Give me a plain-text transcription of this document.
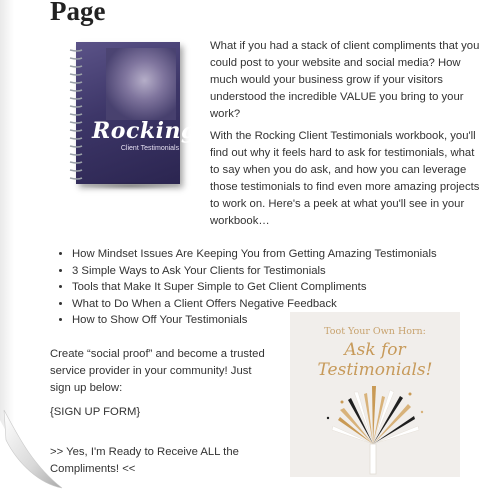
Page
Rocking
Client Testimonials

What if you had a stack of client compliments that you could post to your website and social media? How much would your business grow if your visitors understood the incredible VALUE you bring to your work?

With the Rocking Client Testimonials workbook, you'll find out why it feels hard to ask for testimonials, what to say when you do ask, and how you can leverage those testimonials to find even more amazing projects to work on. Here's a peek at what you'll see in your workbook…

• How Mindset Issues Are Keeping You from Getting Amazing Testimonials
• 3 Simple Ways to Ask Your Clients for Testimonials
• Tools that Make It Super Simple to Get Client Compliments
• What to Do When a Client Offers Negative Feedback
• How to Show Off Your Testimonials

Create “social proof” and become a trusted service provider in your community! Just sign up below:

{SIGN UP FORM}

>> Yes, I'm Ready to Receive ALL the Compliments! <<

Toot Your Own Horn:
Ask for Testimonials!
